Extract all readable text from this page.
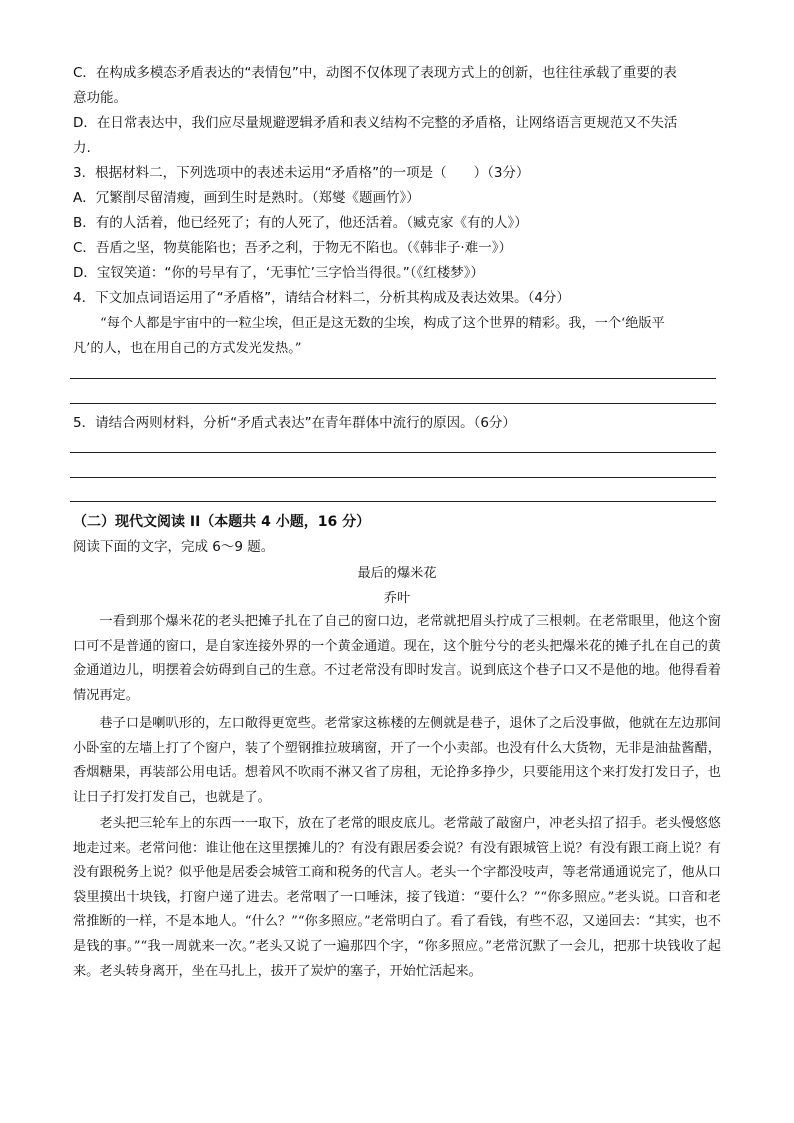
C．在构成多模态矛盾表达的“表情包”中，动图不仅体现了表现方式上的创新，也往往承载了重要的表
意功能。
D．在日常表达中，我们应尽量规避逻辑矛盾和表义结构不完整的矛盾格，让网络语言更规范又不失活
力.
3．根据材料二，下列选项中的表述未运用“矛盾格”的一项是（　　）（3分）
A．冗繁削尽留清瘦，画到生时是熟时。（郑燮《题画竹》）
B．有的人活着，他已经死了；有的人死了，他还活着。（臧克家《有的人》）
C．吾盾之坚，物莫能陷也；吾矛之利，于物无不陷也。（《韩非子·难一》）
D．宝钗笑道：“你的号早有了，‘无事忙’三字恰当得很。”（《红楼梦》）
4．下文加点词语运用了“矛盾格”，请结合材料二，分析其构成及表达效果。（4分）
“每个人都是宇宙中的一粒尘埃，但正是这无数的尘埃，构成了这个世界的精彩。我，一个‘绝版平
凡’的人，也在用自己的方式发光发热。”
5．请结合两则材料，分析“矛盾式表达”在青年群体中流行的原因。（6分）
（二）现代文阅读 II（本题共 4 小题，16 分）
阅读下面的文字，完成 6～9 题。
最后的爆米花
乔叶
一看到那个爆米花的老头把摊子扎在了自己的窗口边，老常就把眉头拧成了三根刺。在老常眼里，他这个窗口可不是普通的窗口，是自家连接外界的一个黄金通道。现在，这个脏兮兮的老头把爆米花的摊子扎在自己的黄金通道边儿，明摆着会妨碍到自己的生意。不过老常没有即时发言。说到底这个巷子口又不是他的地。他得看着情况再定。
巷子口是喇叭形的，左口敞得更宽些。老常家这栋楼的左侧就是巷子，退休了之后没事做，他就在左边那间小卧室的左墙上打了个窗户，装了个塑钢推拉玻璃窗，开了一个小卖部。也没有什么大货物，无非是油盐酱醋，香烟糖果，再装部公用电话。想着风不吹雨不淋又省了房租，无论挣多挣少，只要能用这个来打发打发日子，也让日子打发打发自己，也就是了。
老头把三轮车上的东西一一取下，放在了老常的眼皮底儿。老常敲了敲窗户，冲老头招了招手。老头慢悠悠地走过来。老常问他：谁让他在这里摆摊儿的？有没有跟居委会说？有没有跟城管上说？有没有跟工商上说？有没有跟税务上说？似乎他是居委会城管工商和税务的代言人。老头一个字都没吱声，等老常通通说完了，他从口袋里摸出十块钱，打窗户递了进去。老常咽了一口唾沫，接了钱道：“要什么？”“你多照应。”老头说。口音和老常推断的一样，不是本地人。“什么？”“你多照应。”老常明白了。看了看钱，有些不忍，又递回去：“其实，也不是钱的事。”“我一周就来一次。”老头又说了一遍那四个字，“你多照应。”老常沉默了一会儿，把那十块钱收了起来。老头转身离开，坐在马扎上，拔开了炭炉的塞子，开始忙活起来。
